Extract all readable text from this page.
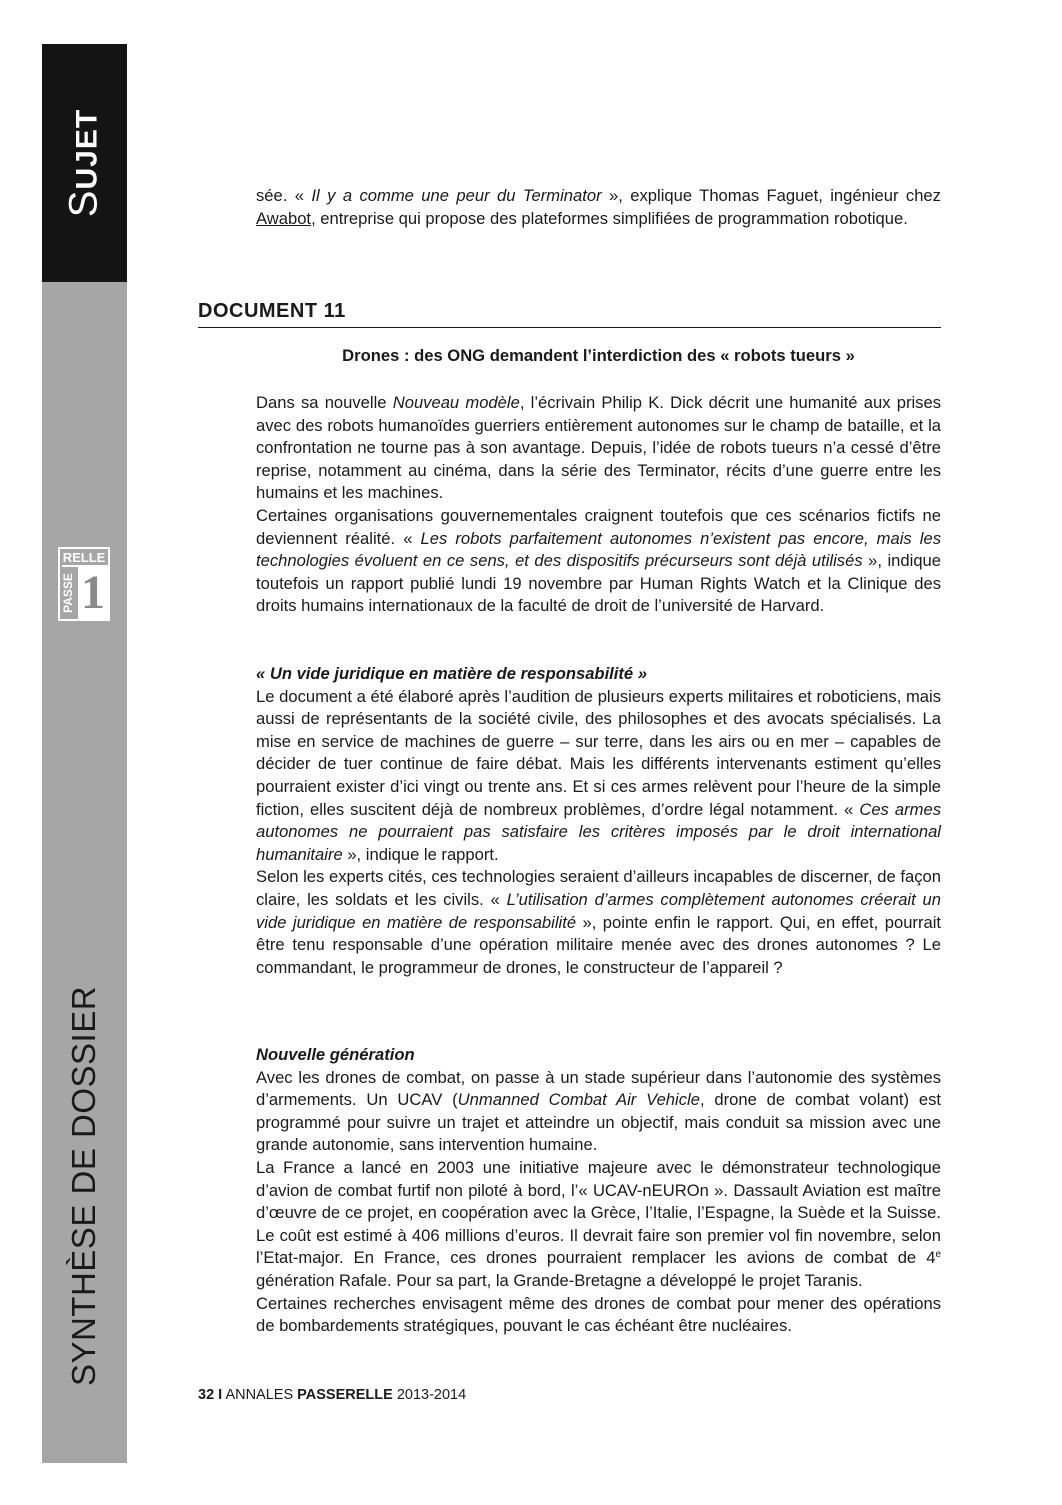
SUJET
RELLE
PASSE 1
SYNTHÈSE DE DOSSIER

sée. « Il y a comme une peur du Terminator », explique Thomas Faguet, ingénieur chez Awabot, entreprise qui propose des plateformes simplifiées de programmation robotique.

DOCUMENT 11
Drones : des ONG demandent l’interdiction des « robots tueurs »

Dans sa nouvelle Nouveau modèle, l’écrivain Philip K. Dick décrit une humanité aux prises avec des robots humanoïdes guerriers entièrement autonomes sur le champ de bataille, et la confrontation ne tourne pas à son avantage. Depuis, l’idée de robots tueurs n’a cessé d’être reprise, notamment au cinéma, dans la série des Terminator, récits d’une guerre entre les humains et les machines.

Certaines organisations gouvernementales craignent toutefois que ces scénarios fictifs ne deviennent réalité. « Les robots parfaitement autonomes n’existent pas encore, mais les technologies évoluent en ce sens, et des dispositifs précurseurs sont déjà utilisés », indique toutefois un rapport publié lundi 19 novembre par Human Rights Watch et la Clinique des droits humains internationaux de la faculté de droit de l’université de Harvard.

« Un vide juridique en matière de responsabilité »

Le document a été élaboré après l’audition de plusieurs experts militaires et roboticiens, mais aussi de représentants de la société civile, des philosophes et des avocats spécialisés. La mise en service de machines de guerre – sur terre, dans les airs ou en mer – capables de décider de tuer continue de faire débat. Mais les différents intervenants estiment qu’elles pourraient exister d’ici vingt ou trente ans. Et si ces armes relèvent pour l’heure de la simple fiction, elles suscitent déjà de nombreux problèmes, d’ordre légal notamment. « Ces armes autonomes ne pourraient pas satisfaire les critères imposés par le droit international humanitaire », indique le rapport.

Selon les experts cités, ces technologies seraient d’ailleurs incapables de discerner, de façon claire, les soldats et les civils. « L’utilisation d’armes complètement autonomes créerait un vide juridique en matière de responsabilité », pointe enfin le rapport. Qui, en effet, pourrait être tenu responsable d’une opération militaire menée avec des drones autonomes ? Le commandant, le programmeur de drones, le constructeur de l’appareil ?

Nouvelle génération

Avec les drones de combat, on passe à un stade supérieur dans l’autonomie des systèmes d’armements. Un UCAV (Unmanned Combat Air Vehicle, drone de combat volant) est programmé pour suivre un trajet et atteindre un objectif, mais conduit sa mission avec une grande autonomie, sans intervention humaine.

La France a lancé en 2003 une initiative majeure avec le démonstrateur technologique d’avion de combat furtif non piloté à bord, l’« UCAV-nEUROn ». Dassault Aviation est maître d’œuvre de ce projet, en coopération avec la Grèce, l’Italie, l’Espagne, la Suède et la Suisse. Le coût est estimé à 406 millions d’euros. Il devrait faire son premier vol fin novembre, selon l’Etat-major. En France, ces drones pourraient remplacer les avions de combat de 4e génération Rafale. Pour sa part, la Grande-Bretagne a développé le projet Taranis.

Certaines recherches envisagent même des drones de combat pour mener des opérations de bombardements stratégiques, pouvant le cas échéant être nucléaires.

32 I ANNALES PASSERELLE 2013-2014
